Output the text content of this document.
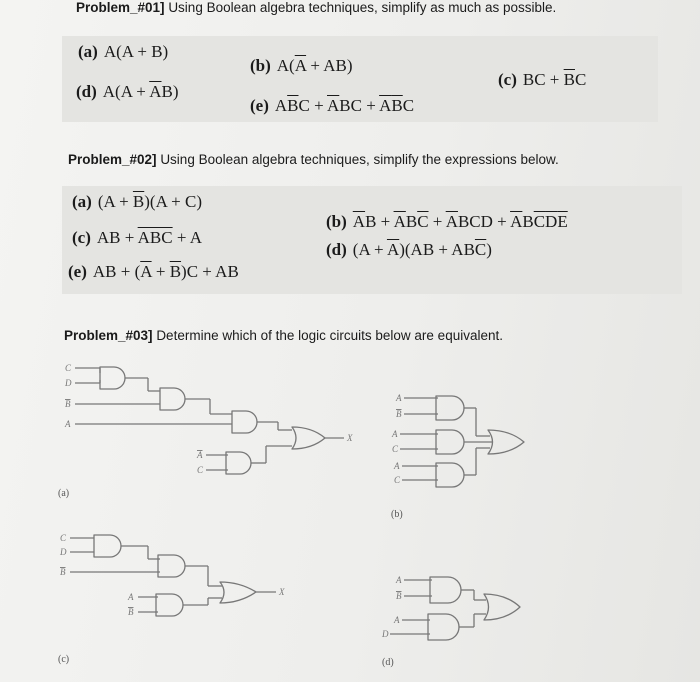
Problem_#01] Using Boolean algebra techniques, simplify as much as possible.
(a) A(A + B)
(b) $A(\overline{A} + AB)$
(c) BC + $\overline{B}C$
(d) $A(A + \overline{A}B)$
(e) $A\overline{B}C + \overline{A}BC + \overline{A}\overline{B}C$
Problem_#02] Using Boolean algebra techniques, simplify the expressions below.
(a) $(A + \overline{B})(A + C)$
(b) $\overline{A}B + \overline{A}B\overline{C} + \overline{A}BCD + \overline{A}B\overline{C}\overline{D}\overline{E}$
(c) AB + $\overline{ABC} + A$
(d) $(A + \overline{A})(AB + AB\overline{C})$
(e) AB + $(\overline{A} + \overline{B})C$ + AB
Problem_#03] Determine which of the logic circuits below are equivalent.
C
D
B
A
A
C
X
A
B
A
C
A
C
C
D
B
A
B
X
A
B
A
D
(a)
(b)
(c)	(d)
